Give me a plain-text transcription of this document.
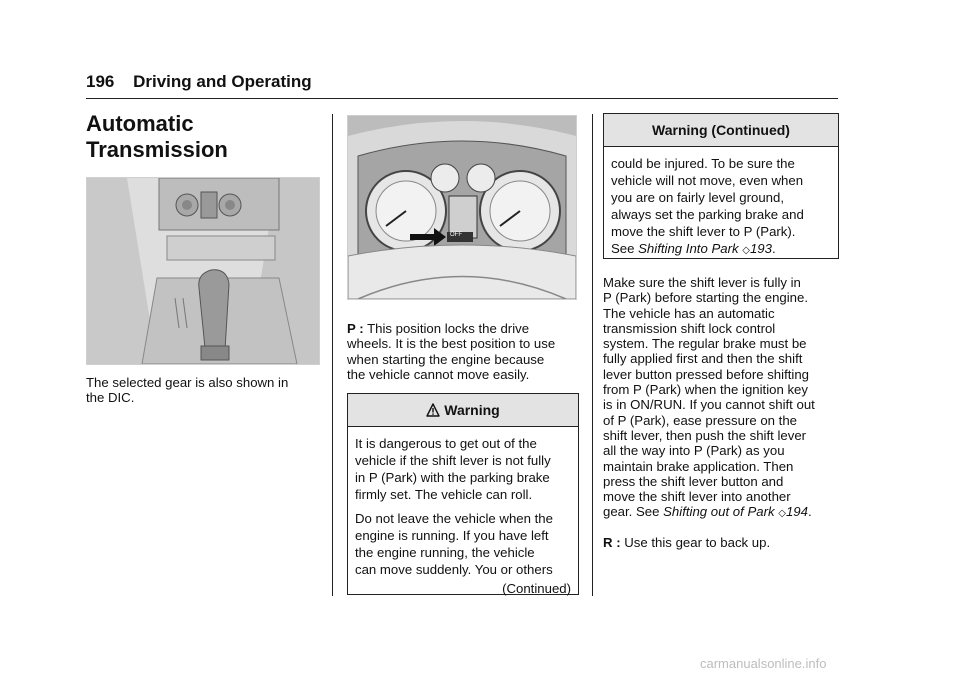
196 Driving and Operating
Automatic
Transmission
The selected gear is also shown in
the DIC.
OFF
P : This position locks the drive
wheels. It is the best position to use
when starting the engine because
the vehicle cannot move easily.
Warning

It is dangerous to get out of the
vehicle if the shift lever is not fully
in P (Park) with the parking brake
firmly set. The vehicle can roll.

Do not leave the vehicle when the
engine is running. If you have left
the engine running, the vehicle
can move suddenly. You or others

(Continued)
Warning (Continued)
could be injured. To be sure the
vehicle will not move, even when
you are on fairly level ground,
always set the parking brake and
move the shift lever to P (Park).
See Shifting Into Park ◇193.
Make sure the shift lever is fully in
P (Park) before starting the engine.
The vehicle has an automatic
transmission shift lock control
system. The regular brake must be
fully applied first and then the shift
lever button pressed before shifting
from P (Park) when the ignition key
is in ON/RUN. If you cannot shift out
of P (Park), ease pressure on the
shift lever, then push the shift lever
all the way into P (Park) as you
maintain brake application. Then
press the shift lever button and
move the shift lever into another
gear. See Shifting out of Park ◇194.
R : Use this gear to back up.
carmanualsonline.info
